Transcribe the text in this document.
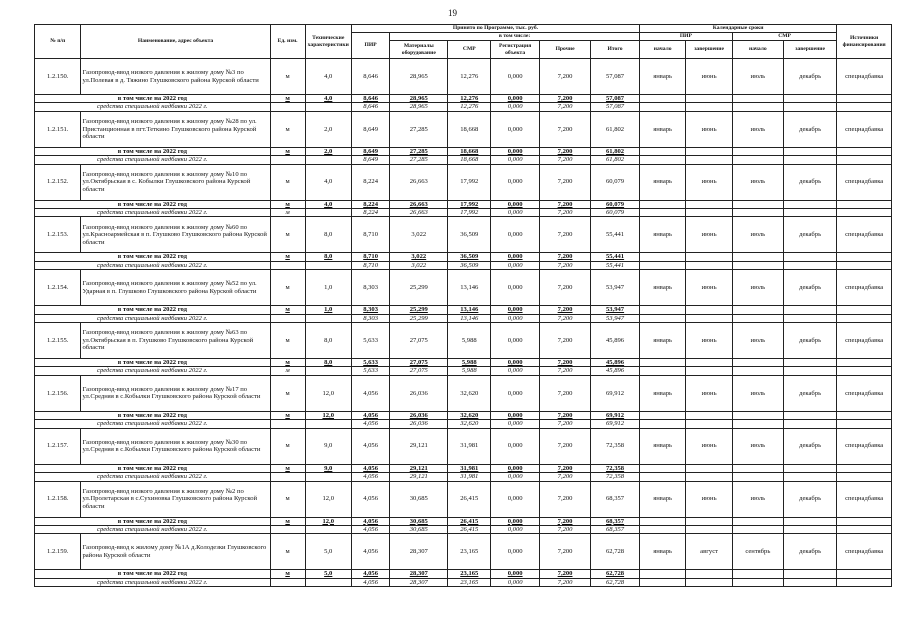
19
№ п/п	Наименование, адрес объекта	Ед. изм.	Технические характеристики	Принято по Программе, тыс. руб.						Календарные сроки				Источники финансирования
				ПИР	в том числе:					ПИР		СМР		
					Материалы оборудование	СМР	Регистрация объекта	Прочие	Итого	начало	завершение	начало	завершение	
1.2.150.	Газопровод-ввод низкого давления к жилому дому №3 по ул.Полевая в д. Тяжино Глушковского района Курской области	м	4,0	8,646	28,965	12,276	0,000	7,200	57,087	январь	июнь	июль	декабрь	спецнадбавка
в том числе на 2022 год		м	4,0	8,646	28,965	12,276	0,000	7,200	57,087					
средства специальной надбавки 2022 г.				8,646	28,965	12,276	0,000	7,200	57,087					
1.2.151.	Газопровод-ввод низкого давления к жилому дому №28 по ул. Пристанционная в пгт.Теткино Глушковского района Курской области	м	2,0	8,649	27,285	18,668	0,000	7,200	61,802	январь	июнь	июль	декабрь	спецнадбавка
в том числе на 2022 год		м	2,0	8,649	27,285	18,668	0,000	7,200	61,802					
средства специальной надбавки 2022 г.				8,649	27,285	18,668	0,000	7,200	61,802					
1.2.152.	Газопровод-ввод низкого давления к жилому дому №10 по ул.Октябрьская в с. Кобылки Глушковского района Курской области	м	4,0	8,224	26,663	17,992	0,000	7,200	60,079	январь	июнь	июль	декабрь	спецнадбавка
в том числе на 2022 год		м	4,0	8,224	26,663	17,992	0,000	7,200	60,079					
средства специальной надбавки 2022 г.		м		8,224	26,663	17,992	0,000	7,200	60,079					
1.2.153.	Газопровод-ввод низкого давления к жилому дому №60 по ул.Красноармейская в п. Глушково Глушковского района Курской области	м	8,0	8,710	3,022	36,509	0,000	7,200	55,441	январь	июнь	июль	декабрь	спецнадбавка
в том числе на 2022 год		м	8,0	8,710	3,022	36,509	0,000	7,200	55,441					
средства специальной надбавки 2022 г.				8,710	3,022	36,509	0,000	7,200	55,441					
1.2.154.	Газопровод-ввод низкого давления к жилому дому №52 по ул. Ударная в п. Глушково Глушковского района Курской области	м	1,0	8,303	25,299	13,146	0,000	7,200	53,947	январь	июнь	июль	декабрь	спецнадбавка
в том числе на 2022 год		м	1,0	8,303	25,299	13,146	0,000	7,200	53,947					
средства специальной надбавки 2022 г.				8,303	25,299	13,146	0,000	7,200	53,947					
1.2.155.	Газопровод-ввод низкого давления к жилому дому №63 по ул.Октябрьская в п. Глушково Глушковского района Курской области	м	8,0	5,633	27,075	5,988	0,000	7,200	45,896	январь	июнь	июль	декабрь	спецнадбавка
в том числе на 2022 год		м	8,0	5,633	27,075	5,988	0,000	7,200	45,896					
средства специальной надбавки 2022 г.		м		5,633	27,075	5,988	0,000	7,200	45,896					
1.2.156.	Газопровод-ввод низкого давления к жилому дому №17 по ул.Средняя в с.Кобылки Глушковского района Курской области	м	12,0	4,056	26,036	32,620	0,000	7,200	69,912	январь	июнь	июль	декабрь	спецнадбавка
в том числе на 2022 год		м	12,0	4,056	26,036	32,620	0,000	7,200	69,912					
средства специальной надбавки 2022 г.				4,056	26,036	32,620	0,000	7,200	69,912					
1.2.157.	Газопровод-ввод низкого давления к жилому дому №30 по ул.Средняя в с.Кобылки Глушковского района Курской области	м	9,0	4,056	29,121	31,981	0,000	7,200	72,358	январь	июнь	июль	декабрь	спецнадбавка
в том числе на 2022 год		м	9,0	4,056	29,121	31,981	0,000	7,200	72,358					
средства специальной надбавки 2022 г.				4,056	29,121	31,981	0,000	7,200	72,358					
1.2.158.	Газопровод-ввод низкого давления к жилому дому №2 по ул.Пролетарская в с.Сухиновка Глушковского района Курской области	м	12,0	4,056	30,685	26,415	0,000	7,200	68,357	январь	июнь	июль	декабрь	спецнадбавка
в том числе на 2022 год		м	12,0	4,056	30,685	26,415	0,000	7,200	68,357					
средства специальной надбавки 2022 г.				4,056	30,685	26,415	0,000	7,200	68,357					
1.2.159.	Газопровод-ввод к жилому дому №1А д.Колодезки Глушковского района Курской области	м	5,0	4,056	28,307	23,165	0,000	7,200	62,728	январь	август	сентябрь	декабрь	спецнадбавка
в том числе на 2022 год		м	5,0	4,056	28,307	23,165	0,000	7,200	62,728					
средства специальной надбавки 2022 г.				4,056	28,307	23,165	0,000	7,200	62,728					
